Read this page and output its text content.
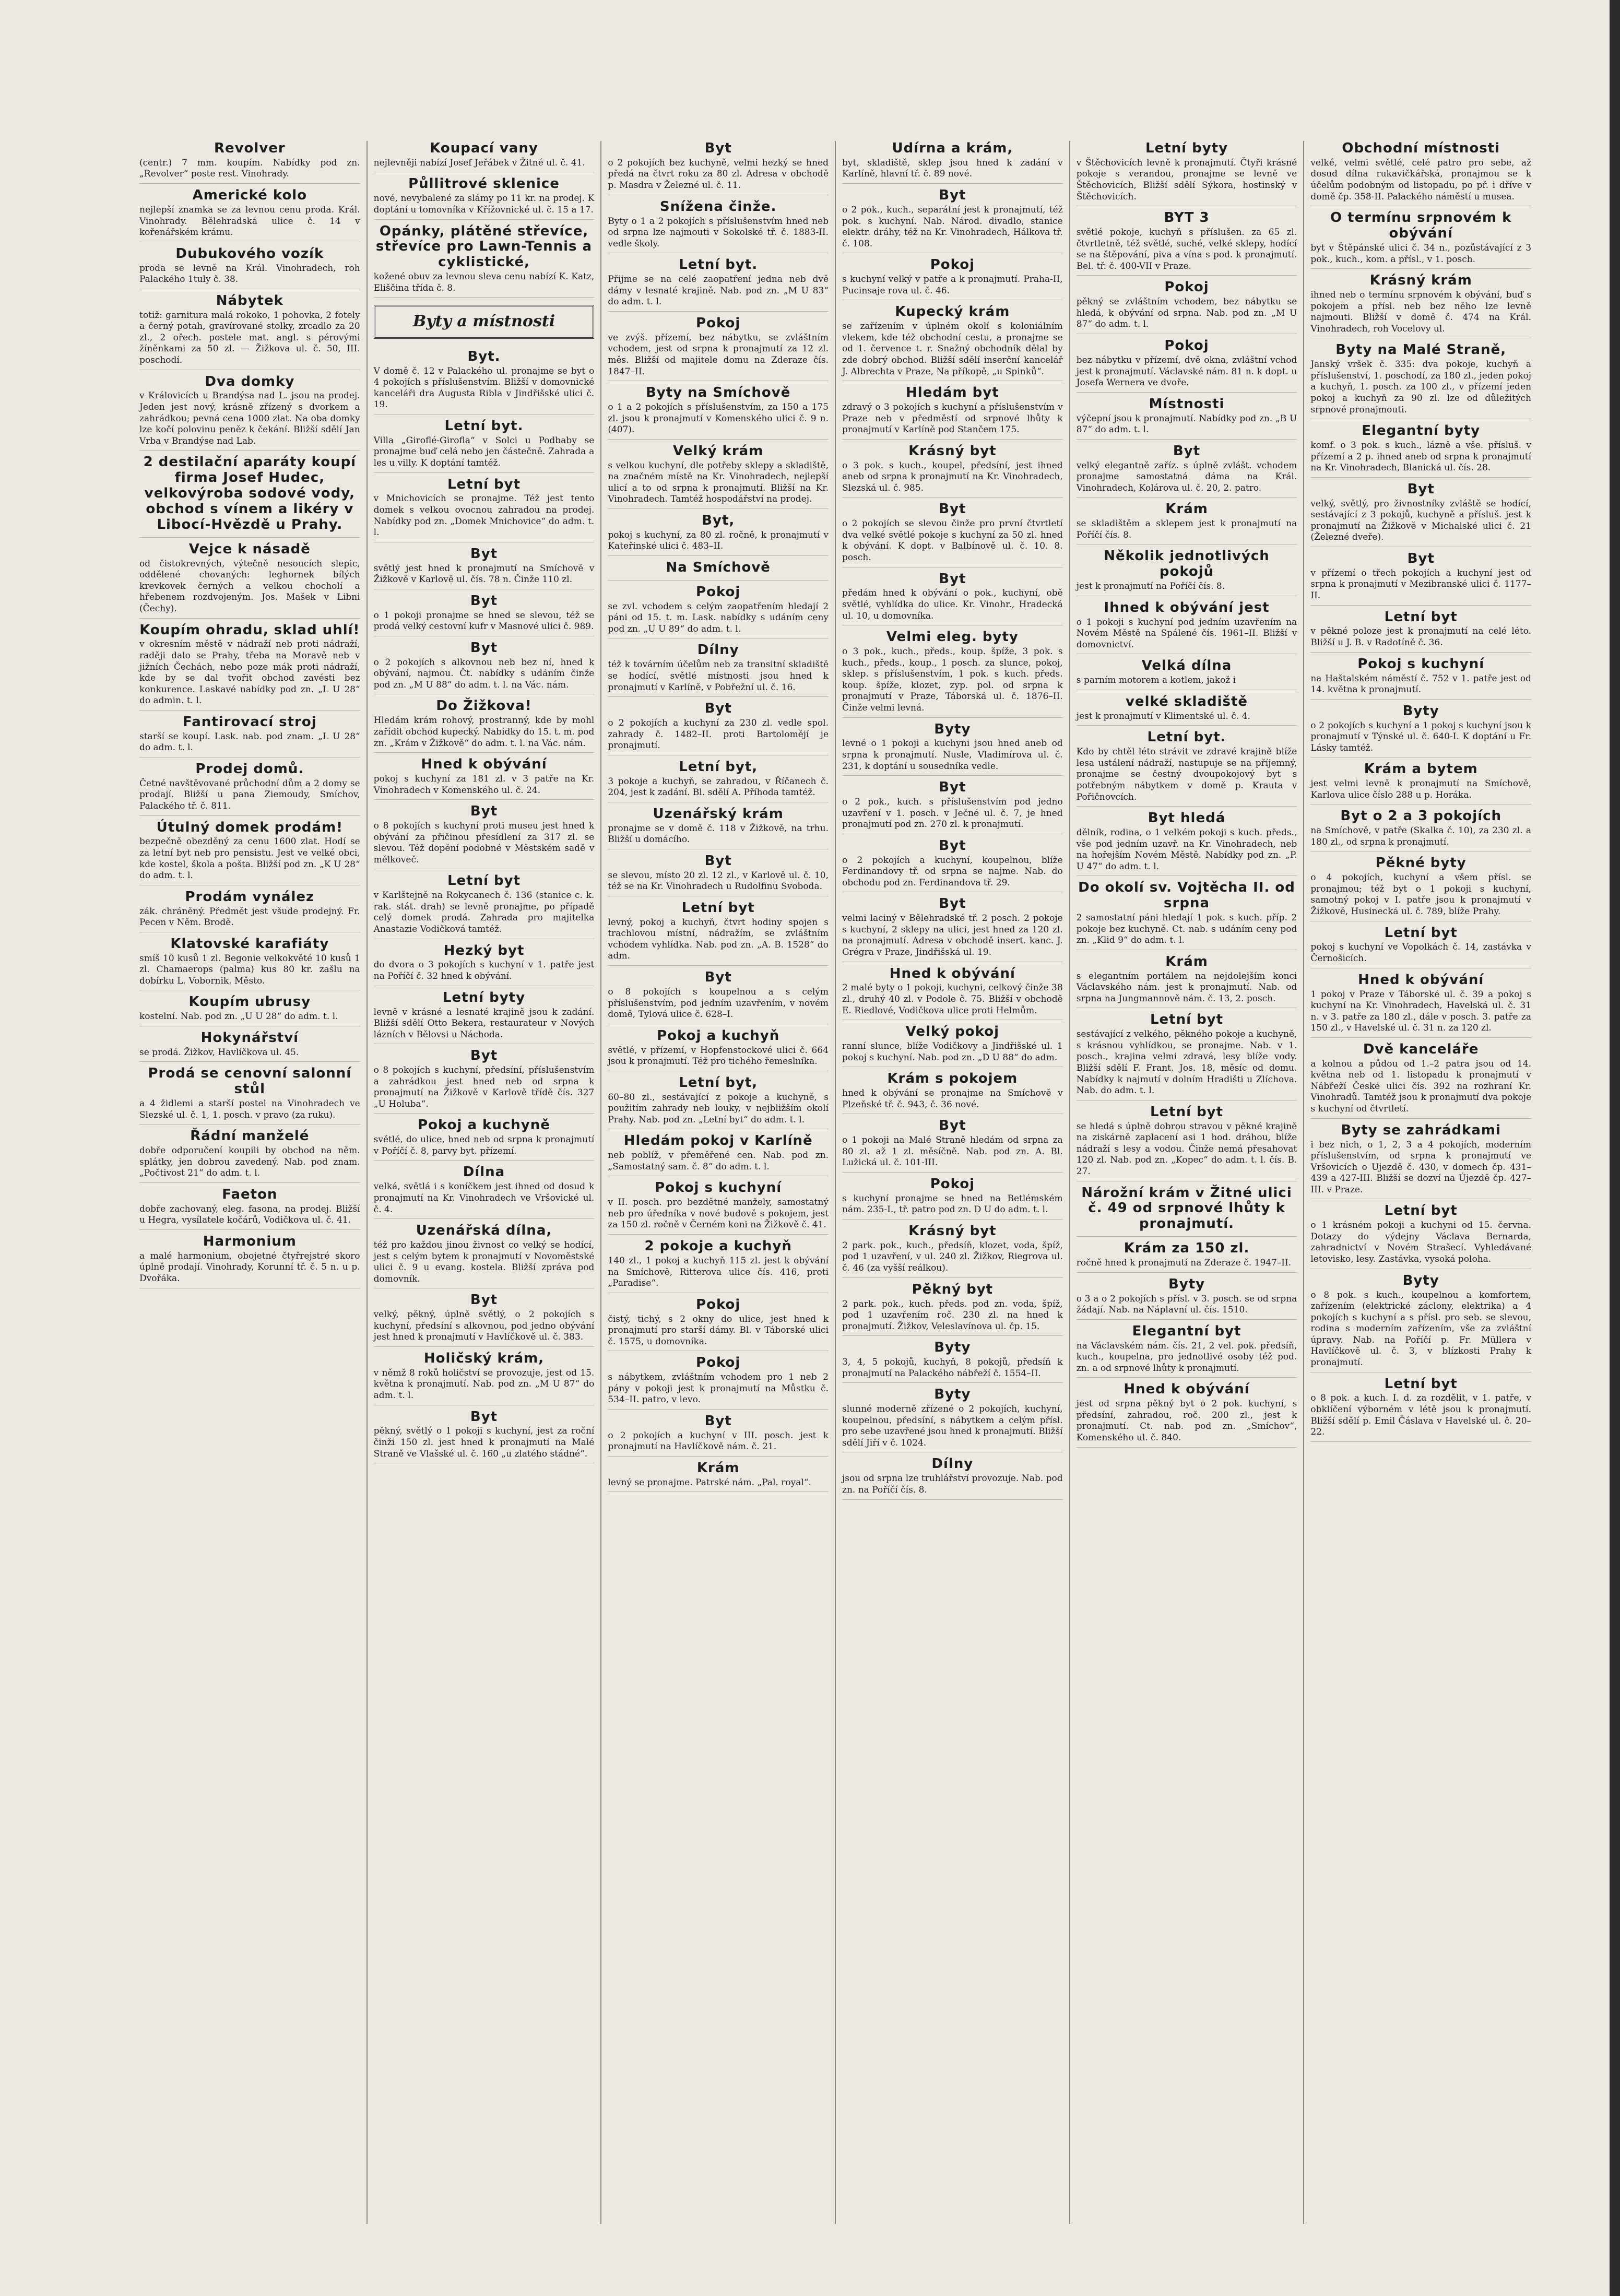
Revolver

(centr.) 7 mm. koupím. Nabídky pod zn. „Revolver“ poste rest. Vinohrady.

Americké kolo

nejlepší znamka se za levnou cenu proda. Král. Vinohrady. Bělehradská ulice č. 14 v kořenářském krámu.

Dubukového vozík

proda se levně na Král. Vinohradech, roh Palackého 1tuly č. 38.

Nábytek

totiž: garnitura malá rokoko, 1 pohovka, 2 fotely a černý potah, gravírované stolky, zrcadlo za 20 zl., 2 ořech. postele mat. angl. s pérovými žíněnkami za 50 zl. — Žižkova ul. č. 50, III. poschodí.

Dva domky

v Královicích u Brandýsa nad L. jsou na prodej. Jeden jest nový, krásně zřízený s dvorkem a zahrádkou; pevná cena 1000 zlat. Na oba domky lze kočí polovinu peněz k čekání. Bližší sdělí Jan Vrba v Brandýse nad Lab.

2 destilační aparáty koupí firma Josef Hudec, velkovýroba sodové vody, obchod s vínem a likéry v Libocí-Hvězdě u Prahy.
Vejce k násadě

od čistokrevných, výtečně nesoucích slepic, oddělené chovaných: leghornek bílých krevkovek černých a velkou chocholí a hřebenem rozdvojeným. Jos. Mašek v Libni (Čechy).

Koupím ohradu, sklad uhlí!

v okresním městě v nádraží neb proti nádraží, raději dalo se Prahy, třeba na Moravě neb v jižních Čechách, nebo poze mák proti nádraží, kde by se dal tvořit obchod zavésti bez konkurence. Laskavé nabídky pod zn. „L U 28“ do admin. t. l.

Fantirovací stroj

starší se koupí. Lask. nab. pod znam. „L U 28“ do adm. t. l.

Prodej domů.

Četné navštěvované průchodní dům a 2 domy se prodají. Bližší u pana Ziemoudy, Smíchov, Palackého tř. č. 811.

Útulný domek prodám!

bezpečně obezděný za cenu 1600 zlat. Hodí se za letní byt neb pro pensistu. Jest ve velké obci, kde kostel, škola a pošta. Bližší pod zn. „K U 28“ do adm. t. l.

Prodám vynález

zák. chráněný. Předmět jest všude prodejný. Fr. Pecen v Něm. Brodě.

Klatovské karafiáty

smíš 10 kusů 1 zl. Begonie velkokvěté 10 kusů 1 zl. Chamaerops (palma) kus 80 kr. zašlu na dobírku L. Vobornik. Město.

Koupím ubrusy

kostelní. Nab. pod zn. „U U 28“ do adm. t. l.

Hokynářství

se prodá. Žižkov, Havlíčkova ul. 45.

Prodá se cenovní salonní stůl

a 4 židlemi a starší postel na Vinohradech ve Slezské ul. č. 1, 1. posch. v pravo (za ruku).

Řádní manželé

dobře odporučení koupili by obchod na něm. splátky, jen dobrou zavedený. Nab. pod znam. „Počtivost 21“ do adm. t. l.

Faeton

dobře zachovaný, eleg. fasona, na prodej. Bližší u Hegra, vysílatele kočárů, Vodičkova ul. č. 41.

Harmonium

a malé harmonium, obojetné čtyřrejstré skoro úplně prodají. Vinohrady, Korunní tř. č. 5 n. u p. Dvořáka.

Koupací vany

nejlevněji nabízí Josef Jeřábek v Žitné ul. č. 41.

Půllitrové sklenice

nové, nevybalené za slámy po 11 kr. na prodej. K doptání u tomovníka v Křížovnické ul. č. 15 a 17.

Opánky, plátěné střevíce, střevíce pro Lawn-Tennis a cyklistické,

kožené obuv za levnou sleva cenu nabízí K. Katz, Eliščina třída č. 8.

Byty a místnosti
Byt.

V domě č. 12 v Palackého ul. pronajme se byt o 4 pokojích s příslušenstvím. Bližší v domovnické kanceláři dra Augusta Ribla v Jindřišské ulici č. 19.

Letní byt.

Villa „Giroflé-Girofla“ v Solci u Podbaby se pronajme buď celá nebo jen částečně. Zahrada a les u villy. K doptání tamtéž.

Letní byt

v Mnichovicích se pronajme. Též jest tento domek s velkou ovocnou zahradou na prodej. Nabídky pod zn. „Domek Mnichovice“ do adm. t. l.

Byt

světlý jest hned k pronajmutí na Smíchově v Žižkově v Karlově ul. čís. 78 n. Činže 110 zl.

Byt

o 1 pokoji pronajme se hned se slevou, též se prodá velký cestovní kufr v Masnové ulici č. 989.

Byt

o 2 pokojích s alkovnou neb bez ní, hned k obývání, najmou. Čt. nabídky s udáním činže pod zn. „M U 88“ do adm. t. l. na Vác. nám.

Do Žižkova!

Hledám krám rohový, prostranný, kde by mohl zařídit obchod kupecký. Nabídky do 15. t. m. pod zn. „Krám v Žižkově“ do adm. t. l. na Vác. nám.

Hned k obývání

pokoj s kuchyní za 181 zl. v 3 patře na Kr. Vinohradech v Komenského ul. č. 24.

Byt

o 8 pokojích s kuchyní proti museu jest hned k obývání za přičinou přesídlení za 317 zl. se slevou. Též dopění podobné v Městském sadě v mělkoveč.

Letní byt

v Karlštejně na Rokycanech č. 136 (stanice c. k. rak. stát. drah) se levně pronajme, po případě celý domek prodá. Zahrada pro majitelka Anastazie Vodičková tamtéž.

Hezký byt

do dvora o 3 pokojích s kuchyní v 1. patře jest na Poříčí č. 32 hned k obývání.

Letní byty

levně v krásné a lesnaté krajině jsou k zadání. Bližší sdělí Otto Bekera, restaurateur v Nových lázních v Bělovsi u Náchoda.

Byt

o 8 pokojích s kuchyní, předsíní, příslušenstvím a zahrádkou jest hned neb od srpna k pronajmutí na Žižkově v Karlově třídě čís. 327 „U Holuba“.

Pokoj a kuchyně

světlé, do ulice, hned neb od srpna k pronajmutí v Poříčí č. 8, parvy byt. přízemí.

Dílna

velká, světlá i s koníčkem jest ihned od dosud k pronajmutí na Kr. Vinohradech ve Vršovické ul. č. 4.

Uzenářská dílna,

též pro každou jinou živnost co velký se hodící, jest s celým bytem k pronajmutí v Novoměstské ulici č. 9 u evang. kostela. Bližší zpráva pod domovník.

Byt

velký, pěkný, úplně světlý, o 2 pokojích s kuchyní, předsíní s alkovnou, pod jedno obývání jest hned k pronajmutí v Havlíčkově ul. č. 383.

Holičský krám,

v němž 8 roků holičství se provozuje, jest od 15. května k pronajmutí. Nab. pod zn. „M U 87“ do adm. t. l.

Byt

pěkný, světlý o 1 pokoji s kuchyní, jest za roční činži 150 zl. jest hned k pronajmutí na Malé Straně ve Vlašské ul. č. 160 „u zlatého stádné“.

Byt

o 2 pokojích bez kuchyně, velmi hezký se hned předá na čtvrt roku za 80 zl. Adresa v obchodě p. Masdra v Železné ul. č. 11.

Snížena činže.

Byty o 1 a 2 pokojích s příslušenstvím hned neb od srpna lze najmouti v Sokolské tř. č. 1883-II. vedle školy.

Letní byt.

Přijme se na celé zaopatření jedna neb dvě dámy v lesnaté krajině. Nab. pod zn. „M U 83“ do adm. t. l.

Pokoj

ve zvýš. přízemí, bez nábytku, se zvláštním vchodem, jest od srpna k pronajmutí za 12 zl. měs. Bližší od majitele domu na Zderaze čís. 1847–II.

Byty na Smíchově

o 1 a 2 pokojích s příslušenstvím, za 150 a 175 zl. jsou k pronajmutí v Komenského ulici č. 9 n. (407).

Velký krám

s velkou kuchyní, dle potřeby sklepy a skladiště, na značném místě na Kr. Vinohradech, nejlepší ulicí a to od srpna k pronajmutí. Bližší na Kr. Vinohradech. Tamtéž hospodářství na prodej.

Byt,

pokoj s kuchyní, za 80 zl. ročně, k pronajmutí v Kateřinské ulici č. 483–II.

Na Smíchově
Pokoj

se zvl. vchodem s celým zaopatřením hledají 2 páni od 15. t. m. Lask. nabídky s udáním ceny pod zn. „U U 89“ do adm. t. l.

Dílny

též k továrním účelům neb za transitní skladiště se hodící, světlé místnosti jsou hned k pronajmutí v Karlíně, v Pobřežní ul. č. 16.

Byt

o 2 pokojích a kuchyní za 230 zl. vedle spol. zahrady č. 1482–II. proti Bartolomějí je pronajmutí.

Letní byt,

3 pokoje a kuchyň, se zahradou, v Říčanech č. 204, jest k zadání. Bl. sdělí A. Příhoda tamtéž.

Uzenářský krám

pronajme se v domě č. 118 v Žižkově, na trhu. Bližší u domácího.

Byt

se slevou, místo 20 zl. 12 zl., v Karlově ul. č. 10, též se na Kr. Vinohradech u Rudolfinu Svoboda.

Letní byt

levný, pokoj a kuchyň, čtvrt hodiny spojen s trachlovou místní, nádražím, se zvláštním vchodem vyhlídka. Nab. pod zn. „A. B. 1528“ do adm.

Byt

o 8 pokojích s koupelnou a s celým příslušenstvím, pod jedním uzavřením, v novém domě, Tylová ulice č. 628–I.

Pokoj a kuchyň

světlé, v přízemí, v Hopfenstockové ulici č. 664 jsou k pronajmutí. Též pro tichého řemeslníka.

Letní byt,

60–80 zl., sestávající z pokoje a kuchyně, s použitím zahrady neb louky, v nejbližším okolí Prahy. Nab. pod zn. „Letní byt“ do adm. t. l.

Hledám pokoj v Karlíně

neb poblíž, v přeměřené cen. Nab. pod zn. „Samostatný sam. č. 8“ do adm. t. l.

Pokoj s kuchyní

v II. posch. pro bezdětné manžely, samostatný neb pro úředníka v nové budově s pokojem, jest za 150 zl. ročně v Černém koni na Žižkově č. 41.

2 pokoje a kuchyň

140 zl., 1 pokoj a kuchyň 115 zl. jest k obývání na Smíchově, Ritterova ulice čís. 416, proti „Paradise“.

Pokoj

čistý, tichý, s 2 okny do ulice, jest hned k pronajmutí pro starší dámy. Bl. v Táborské ulici č. 1575, u domovníka.

Pokoj

s nábytkem, zvláštním vchodem pro 1 neb 2 pány v pokoji jest k pronajmutí na Můstku č. 534–II. patro, v levo.

Byt

o 2 pokojích a kuchyní v III. posch. jest k pronajmutí na Havlíčkově nám. č. 21.

Krám

levný se pronajme. Patrské nám. „Pal. royal“.

Udírna a krám,

byt, skladiště, sklep jsou hned k zadání v Karlíně, hlavní tř. č. 89 nové.

Byt

o 2 pok., kuch., separátní jest k pronajmutí, též pok. s kuchyní. Nab. Národ. divadlo, stanice elektr. dráhy, též na Kr. Vinohradech, Hálkova tř. č. 108.

Pokoj

s kuchyní velký v patře a k pronajmutí. Praha-II, Pucinsaje rova ul. č. 46.

Kupecký krám

se zařízením v úplném okolí s koloniálním vlekem, kde též obchodní cestu, a pronajme se od 1. července t. r. Snažný obchodník dělal by zde dobrý obchod. Bližší sdělí inserční kancelář J. Albrechta v Praze, Na příkopě, „u Spinků“.

Hledám byt

zdravý o 3 pokojích s kuchyní a příslušenstvím v Praze neb v předměstí od srpnové lhůty k pronajmutí v Karlíně pod Stančem 175.

Krásný byt

o 3 pok. s kuch., koupel, předsíní, jest ihned aneb od srpna k pronajmutí na Kr. Vinohradech, Slezská ul. č. 985.

Byt

o 2 pokojích se slevou činže pro první čtvrtletí dva velké světlé pokoje s kuchyní za 50 zl. hned k obývání. K dopt. v Balbínově ul. č. 10. 8. posch.

Byt

předám hned k obývání o pok., kuchyní, obě světlé, vyhlídka do ulice. Kr. Vinohr., Hradecká ul. 10, u domovníka.

Velmi eleg. byty

o 3 pok., kuch., předs., koup. špíže, 3 pok. s kuch., předs., koup., 1 posch. za slunce, pokoj, sklep. s příslušenstvím, 1 pok. s kuch. předs. koup. špíže, klozet, zyp. pol. od srpna k pronajmutí v Praze, Táborská ul. č. 1876–II. Činže velmi levná.

Byty

levné o 1 pokoji a kuchyni jsou hned aneb od srpna k pronajmutí. Nusle, Vladimírova ul. č. 231, k doptání u sousedníka vedle.

Byt

o 2 pok., kuch. s příslušenstvím pod jedno uzavření v 1. posch. v Ječné ul. č. 7, je hned pronajmutí pod zn. 270 zl. k pronajmutí.

Byt

o 2 pokojích a kuchyní, koupelnou, blíže Ferdinandovy tř. od srpna se najme. Nab. do obchodu pod zn. Ferdinandova tř. 29.

Byt

velmi laciný v Bělehradské tř. 2 posch. 2 pokoje s kuchyní, 2 sklepy na ulici, jest hned za 120 zl. na pronajmutí. Adresa v obchodě insert. kanc. J. Grégra v Praze, Jindřišská ul. 19.

Hned k obývání

2 malé byty o 1 pokoji, kuchyni, celkový činže 38 zl., druhý 40 zl. v Podole č. 75. Bližší v obchodě E. Riedlové, Vodičkova ulice proti Helmům.

Velký pokoj

ranní slunce, blíže Vodičkovy a Jindřišské ul. 1 pokoj s kuchyní. Nab. pod zn. „D U 88“ do adm.

Krám s pokojem

hned k obývání se pronajme na Smíchově v Plzeňské tř. č. 943, č. 36 nové.

Byt

o 1 pokoji na Malé Straně hledám od srpna za 80 zl. až 1 zl. měsíčně. Nab. pod zn. A. Bl. Lužická ul. č. 101-III.

Pokoj

s kuchyní pronajme se hned na Betlémském nám. 235-I., tř. patro pod zn. D U do adm. t. l.

Krásný byt

2 park. pok., kuch., předsíň, klozet, voda, špíž, pod 1 uzavření, v ul. 240 zl. Žižkov, Riegrova ul. č. 46 (za vyšší reálkou).

Pěkný byt

2 park. pok., kuch. předs. pod zn. voda, špíž, pod 1 uzavřením roč. 230 zl. na hned k pronajmutí. Žižkov, Veleslavínova ul. čp. 15.

Byty

3, 4, 5 pokojů, kuchyň, 8 pokojů, předsíň k pronajmutí na Palackého nábřeží č. 1554–II.

Byty

slunné moderně zřízené o 2 pokojích, kuchyní, koupelnou, předsíní, s nábytkem a celým přísl. pro sebe uzavřené jsou hned k pronajmutí. Bližší sdělí Jiří v č. 1024.

Dílny

jsou od srpna lze truhlářství provozuje. Nab. pod zn. na Poříčí čís. 8.

Letní byty

v Štěchovicích levně k pronajmutí. Čtyři krásné pokoje s verandou, pronajme se levně ve Štěchovicích, Bližší sdělí Sýkora, hostinský v Štěchovicích.

BYT 3

světlé pokoje, kuchyň s příslušen. za 65 zl. čtvrtletně, též světlé, suché, velké sklepy, hodící se na štěpování, piva a vína s pod. k pronajmutí. Bel. tř. č. 400-VII v Praze.

Pokoj

pěkný se zvláštním vchodem, bez nábytku se hledá, k obývání od srpna. Nab. pod zn. „M U 87“ do adm. t. l.

Pokoj

bez nábytku v přízemí, dvě okna, zvláštní vchod jest k pronajmutí. Václavské nám. 81 n. k dopt. u Josefa Wernera ve dvoře.

Místnosti

výčepní jsou k pronajmutí. Nabídky pod zn. „B U 87“ do adm. t. l.

Byt

velký elegantně zaříz. s úplně zvlášt. vchodem pronajme samostatná dáma na Král. Vinohradech, Kolárova ul. č. 20, 2. patro.

Krám

se skladištěm a sklepem jest k pronajmutí na Poříčí čís. 8.

Několik jednotlivých pokojů

jest k pronajmutí na Poříčí čís. 8.

Ihned k obývání jest

o 1 pokoji s kuchyní pod jedním uzavřením na Novém Městě na Spálené čís. 1961–II. Bližší v domovnictví.

Velká dílna

s parním motorem a kotlem, jakož i

velké skladiště

jest k pronajmutí v Klimentské ul. č. 4.

Letní byt.

Kdo by chtěl léto strávit ve zdravé krajině blíže lesa ustálení nádraží, nastupuje se na příjemný, pronajme se čestný dvoupokojový byt s potřebným nábytkem v domě p. Krauta v Pořičnovcích.

Byt hledá

dělník, rodina, o 1 velkém pokoji s kuch. předs., vše pod jedním uzavř. na Kr. Vinohradech, neb na hořejším Novém Městě. Nabídky pod zn. „P. U 47“ do adm. t. l.

Do okolí sv. Vojtěcha II. od srpna

2 samostatní páni hledají 1 pok. s kuch. příp. 2 pokoje bez kuchyně. Ct. nab. s udáním ceny pod zn. „Klid 9“ do adm. t. l.

Krám

s elegantním portálem na nejdolejším konci Václavského nám. jest k pronajmutí. Nab. od srpna na Jungmannově nám. č. 13, 2. posch.

Letní byt

sestávající z velkého, pěkného pokoje a kuchyně, s krásnou vyhlídkou, se pronajme. Nab. v 1. posch., krajina velmi zdravá, lesy blíže vody. Bližší sdělí F. Frant. Jos. 18, měsíc od domu. Nabídky k najmutí v dolním Hradišti u Zlíchova. Nab. do adm. t. l.

Letní byt

se hledá s úplně dobrou stravou v pěkné krajině na ziskárně zaplacení asi 1 hod. dráhou, blíže nádraží s lesy a vodou. Činže nemá přesahovat 120 zl. Nab. pod zn. „Kopec“ do adm. t. l. čís. B. 27.

Nárožní krám v Žitné ulici č. 49 od srpnové lhůty k pronajmutí.
Krám za 150 zl.

ročně hned k pronajmutí na Zderaze č. 1947–II.

Byty

o 3 a o 2 pokojích s přísl. v 3. posch. se od srpna žádají. Nab. na Náplavní ul. čís. 1510.

Elegantní byt

na Václavském nám. čís. 21, 2 vel. pok. předsíň, kuch., koupelna, pro jednotlivé osoby též pod. zn. a od srpnové lhůty k pronajmutí.

Hned k obývání

jest od srpna pěkný byt o 2 pok. kuchyní, s předsíní, zahradou, roč. 200 zl., jest k pronajmutí. Ct. nab. pod zn. „Smíchov“, Komenského ul. č. 840.

Obchodní místnosti

velké, velmi světlé, celé patro pro sebe, až dosud dílna rukavičkářská, pronajmou se k účelům podobným od listopadu, po př. i dříve v domě čp. 358-II. Palackého náměstí u musea.

O termínu srpnovém k obývání

byt v Štěpánské ulici č. 34 n., pozůstávající z 3 pok., kuch., kom. a přísl., v 1. posch.

Krásný krám

ihned neb o termínu srpnovém k obývání, buď s pokojem a přísl. neb bez něho lze levně najmouti. Bližší v domě č. 474 na Král. Vinohradech, roh Vocelovy ul.

Byty na Malé Straně,

Janský vršek č. 335: dva pokoje, kuchyň a příslušenství, 1. poschodí, za 180 zl., jeden pokoj a kuchyň, 1. posch. za 100 zl., v přízemí jeden pokoj a kuchyň za 90 zl. lze od důležitých srpnové pronajmouti.

Elegantní byty

komf. o 3 pok. s kuch., lázně a vše. přísluš. v přízemí a 2 p. ihned aneb od srpna k pronajmutí na Kr. Vinohradech, Blanická ul. čís. 28.

Byt

velký, světlý, pro živnostníky zvláště se hodící, sestávající z 3 pokojů, kuchyně a přísluš. jest k pronajmutí na Žižkově v Michalské ulici č. 21 (Železné dveře).

Byt

v přízemí o třech pokojích a kuchyní jest od srpna k pronajmutí v Mezibranské ulici č. 1177–II.

Letní byt

v pěkné poloze jest k pronajmutí na celé léto. Bližší u J. B. v Radotíně č. 36.

Pokoj s kuchyní

na Haštalském náměstí č. 752 v 1. patře jest od 14. května k pronajmutí.

Byty

o 2 pokojích s kuchyní a 1 pokoj s kuchyní jsou k pronajmutí v Týnské ul. č. 640-I. K doptání u Fr. Lásky tamtéž.

Krám a bytem

jest velmi levně k pronajmutí na Smíchově, Karlova ulice číslo 288 u p. Horáka.

Byt o 2 a 3 pokojích

na Smíchově, v patře (Skalka č. 10), za 230 zl. a 180 zl., od srpna k pronajmutí.

Pěkné byty

o 4 pokojích, kuchyní a všem přísl. se pronajmou; též byt o 1 pokoji s kuchyní, samotný pokoj v I. patře jsou k pronajmutí v Žižkově, Husinecká ul. č. 789, blíže Prahy.

Letní byt

pokoj s kuchyní ve Vopolkách č. 14, zastávka v Černošicích.

Hned k obývání

1 pokoj v Praze v Táborské ul. č. 39 a pokoj s kuchyní na Kr. Vinohradech, Havelská ul. č. 31 n. v 3. patře za 180 zl., dále v posch. 3. patře za 150 zl., v Havelské ul. č. 31 n. za 120 zl.

Dvě kanceláře

a kolnou a půdou od 1.–2 patra jsou od 14. května neb od 1. listopadu k pronajmutí v Nábřeží České ulici čís. 392 na rozhraní Kr. Vinohradů. Tamtéž jsou k pronajmutí dva pokoje s kuchyní od čtvrtletí.

Byty se zahrádkami

i bez nich, o 1, 2, 3 a 4 pokojích, moderním příslušenstvím, od srpna k pronajmutí ve Vršovicích o Ujezdě č. 430, v domech čp. 431–439 a 427-III. Bližší se dozví na Újezdě čp. 427–III. v Praze.

Letní byt

o 1 krásném pokoji a kuchyni od 15. června. Dotazy do výdejny Václava Bernarda, zahradnictví v Novém Strašecí. Vyhledávané letovisko, lesy. Zastávka, vysoká poloha.

Byty

o 8 pok. s kuch., koupelnou a komfortem, zařízením (elektrické záclony, elektrika) a 4 pokojích s kuchyní a s přísl. pro seb. se slevou, rodina s moderním zařízením, vše za zvláštní úpravy. Nab. na Poříčí p. Fr. Müllera v Havlíčkově ul. č. 3, v blízkosti Prahy k pronajmutí.

Letní byt

o 8 pok. a kuch. I. d. za rozdělit, v 1. patře, v obklíčení výborném v létě jsou k pronajmutí. Bližší sdělí p. Emil Čáslava v Havelské ul. č. 20–22.
